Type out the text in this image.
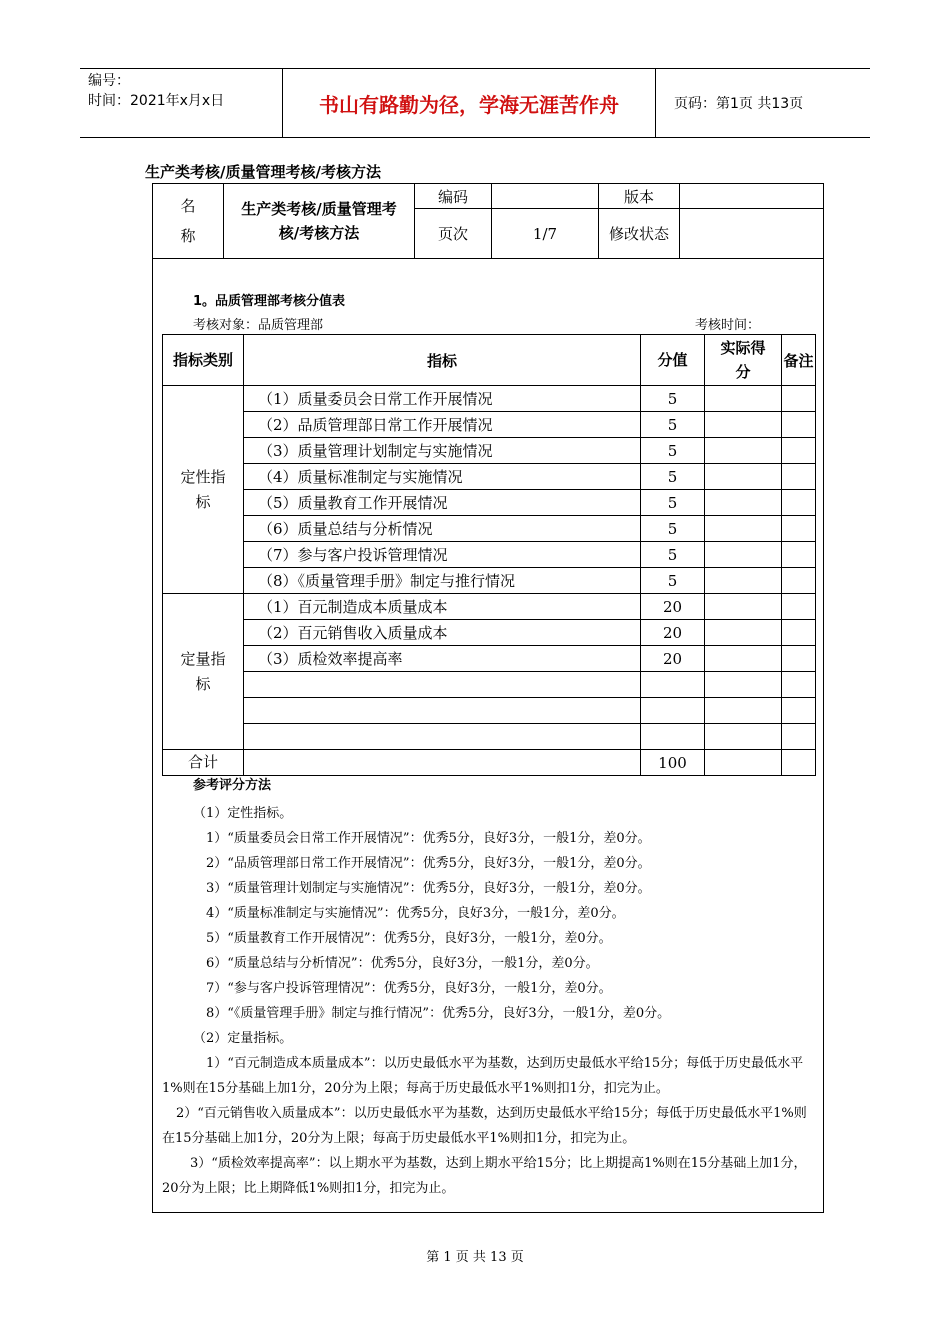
编号：
时间：2021年x月x日	书山有路勤为径，学海无涯苦作舟	页码：第1页 共13页
生产类考核/质量管理考核/考核方法
名
称	生产类考核/质量管理考核/考核方法	编码		版本	
		页次	1/7	修改状态	
1。品质管理部考核分值表
考核对象：品质管理部	考核时间：
指标类别	指标	分值	实际得分	备注
定性指标	（1）质量委员会日常工作开展情况	5		
	（2）品质管理部日常工作开展情况	5		
	（3）质量管理计划制定与实施情况	5		
	（4）质量标准制定与实施情况	5		
	（5）质量教育工作开展情况	5		
	（6）质量总结与分析情况	5		
	（7）参与客户投诉管理情况	5		
	（8）《质量管理手册》制定与推行情况	5		
定量指标	（1）百元制造成本质量成本	20		
	（2）百元销售收入质量成本	20		
	（3）质检效率提高率	20		

合计		100		
参考评分方法
（1）定性指标。
1）“质量委员会日常工作开展情况”：优秀5分，良好3分，一般1分，差0分。
2）“品质管理部日常工作开展情况”：优秀5分，良好3分，一般1分，差0分。
3）“质量管理计划制定与实施情况”：优秀5分，良好3分，一般1分，差0分。
4）“质量标准制定与实施情况”：优秀5分，良好3分，一般1分，差0分。
5）“质量教育工作开展情况”：优秀5分，良好3分，一般1分，差0分。
6）“质量总结与分析情况”：优秀5分，良好3分，一般1分，差0分。
7）“参与客户投诉管理情况”：优秀5分，良好3分，一般1分，差0分。
8）“《质量管理手册》制定与推行情况”：优秀5分，良好3分，一般1分，差0分。
（2）定量指标。
1）“百元制造成本质量成本”：以历史最低水平为基数，达到历史最低水平给15分；每低于历史最低水平1%则在15分基础上加1分，20分为上限；每高于历史最低水平1%则扣1分，扣完为止。
2）“百元销售收入质量成本”：以历史最低水平为基数，达到历史最低水平给15分；每低于历史最低水平1%则在15分基础上加1分，20分为上限；每高于历史最低水平1%则扣1分，扣完为止。
3）“质检效率提高率”：以上期水平为基数，达到上期水平给15分；比上期提高1%则在15分基础上加1分，20分为上限；比上期降低1%则扣1分，扣完为止。
第 1 页 共 13 页
